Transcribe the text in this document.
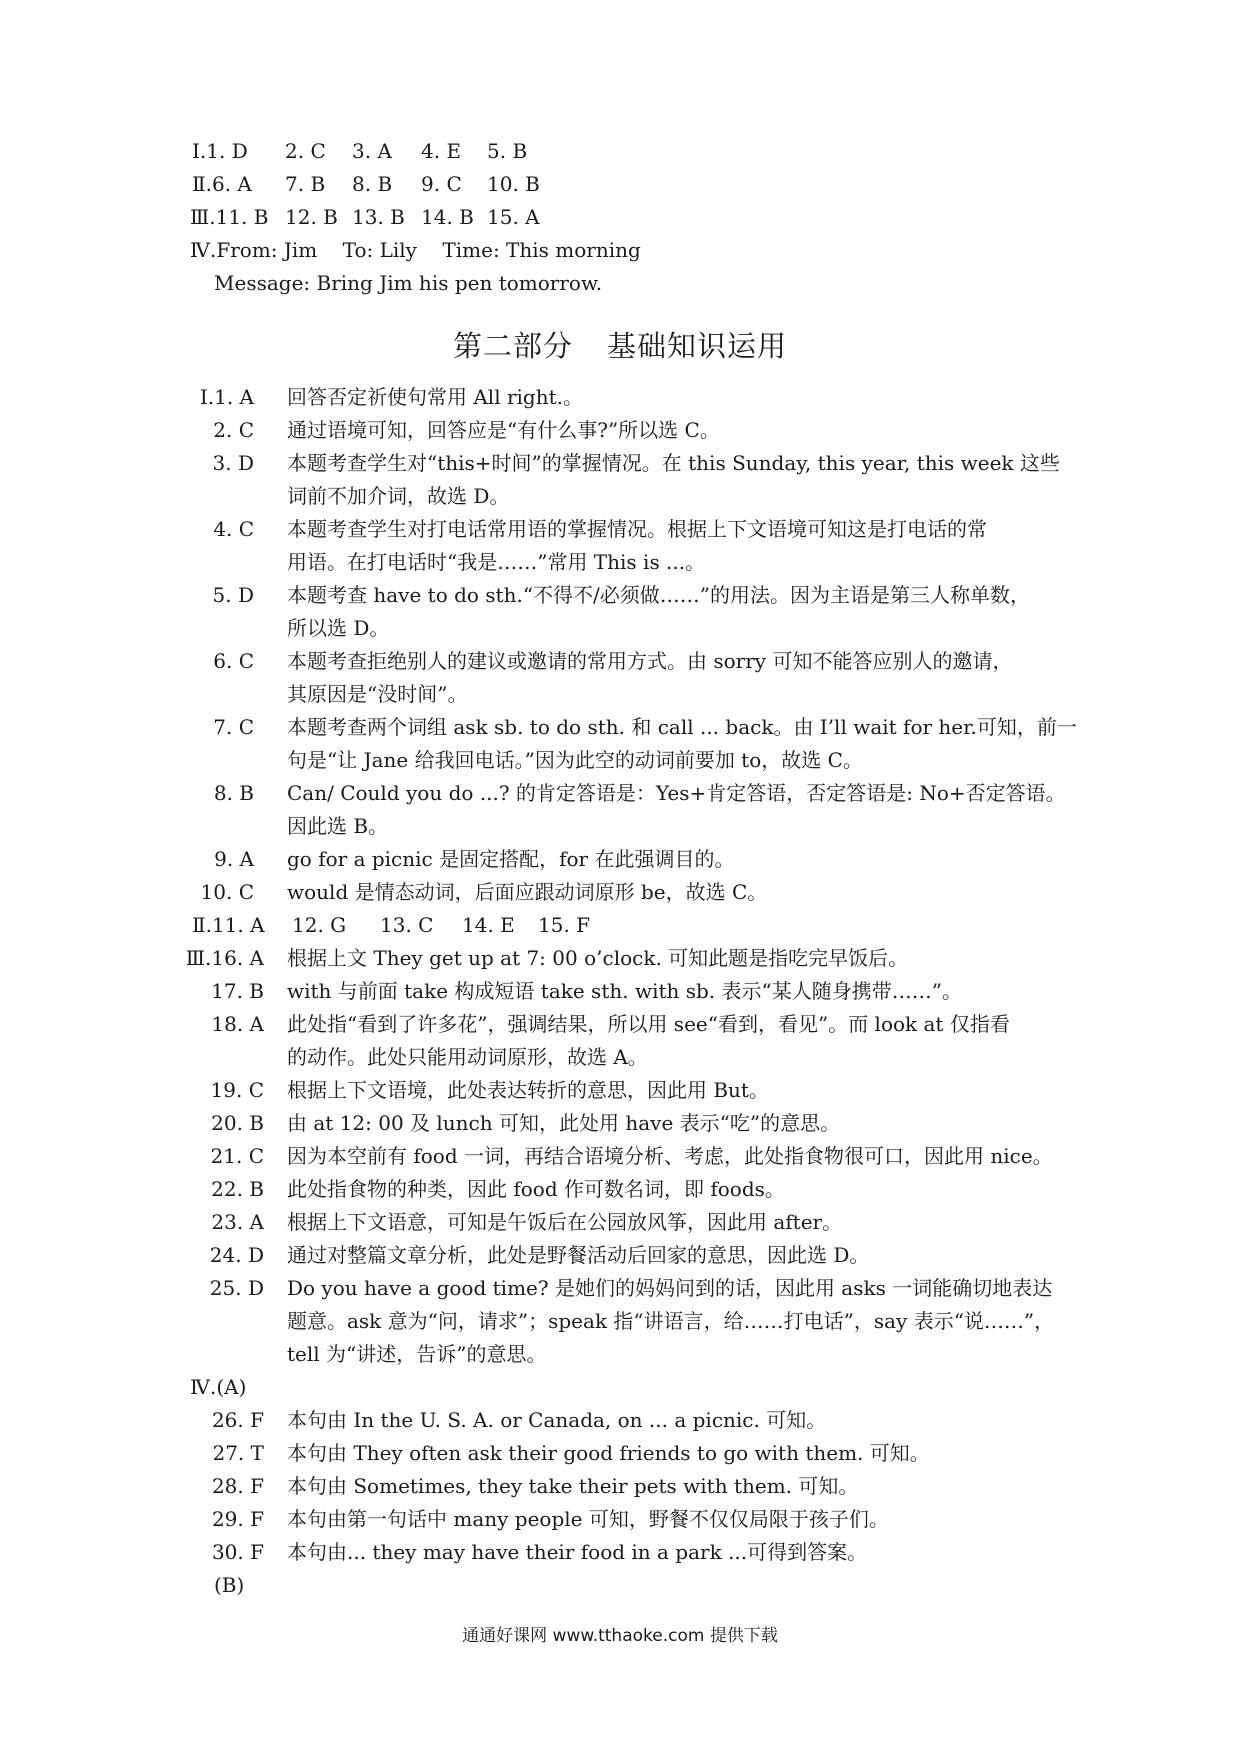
Ⅰ.1. D 2. C 3. A 4. E 5. B
Ⅱ.6. A 7. B 8. B 9. C 10. B
Ⅲ.11. B 12. B 13. B 14. B 15. A
Ⅳ.From: Jim    To: Lily    Time: This morning
Message: Bring Jim his pen tomorrow.
第二部分 基础知识运用
Ⅰ.1. A 回答否定祈使句常用 All right.。
2. C 通过语境可知，回答应是“有什么事?”所以选 C。
3. D 本题考查学生对“this+时间”的掌握情况。在 this Sunday, this year, this week 这些
词前不加介词，故选 D。
4. C 本题考查学生对打电话常用语的掌握情况。根据上下文语境可知这是打电话的常
用语。在打电话时“我是……”常用 This is ...。
5. D 本题考查 have to do sth.“不得不/必须做……”的用法。因为主语是第三人称单数，
所以选 D。
6. C 本题考查拒绝别人的建议或邀请的常用方式。由 sorry 可知不能答应别人的邀请，
其原因是“没时间”。
7. C 本题考查两个词组 ask sb. to do sth. 和 call ... back。由 I’ll wait for her.可知，前一
句是“让 Jane 给我回电话。”因为此空的动词前要加 to，故选 C。
8. B Can/ Could you do ...? 的肯定答语是：Yes+肯定答语，否定答语是: No+否定答语。
因此选 B。
9. A go for a picnic 是固定搭配，for 在此强调目的。
10. C would 是情态动词，后面应跟动词原形 be，故选 C。
Ⅱ.11. A 12. G 13. C 14. E 15. F
Ⅲ.16. A 根据上文 They get up at 7: 00 o’clock. 可知此题是指吃完早饭后。
17. B with 与前面 take 构成短语 take sth. with sb. 表示“某人随身携带……”。
18. A 此处指“看到了许多花”，强调结果，所以用 see“看到，看见”。而 look at 仅指看
的动作。此处只能用动词原形，故选 A。
19. C 根据上下文语境，此处表达转折的意思，因此用 But。
20. B 由 at 12: 00 及 lunch 可知，此处用 have 表示“吃”的意思。
21. C 因为本空前有 food 一词，再结合语境分析、考虑，此处指食物很可口，因此用 nice。
22. B 此处指食物的种类，因此 food 作可数名词，即 foods。
23. A 根据上下文语意，可知是午饭后在公园放风筝，因此用 after。
24. D 通过对整篇文章分析，此处是野餐活动后回家的意思，因此选 D。
25. D Do you have a good time? 是她们的妈妈问到的话，因此用 asks 一词能确切地表达
题意。ask 意为“问，请求”；speak 指“讲语言，给……打电话”，say 表示“说……”，
tell 为“讲述，告诉”的意思。
Ⅳ.(A)
26. F 本句由 In the U. S. A. or Canada, on ... a picnic. 可知。
27. T 本句由 They often ask their good friends to go with them. 可知。
28. F 本句由 Sometimes, they take their pets with them. 可知。
29. F 本句由第一句话中 many people 可知，野餐不仅仅局限于孩子们。
30. F 本句由... they may have their food in a park ...可得到答案。
(B)
通通好课网 www.tthaoke.com 提供下载
